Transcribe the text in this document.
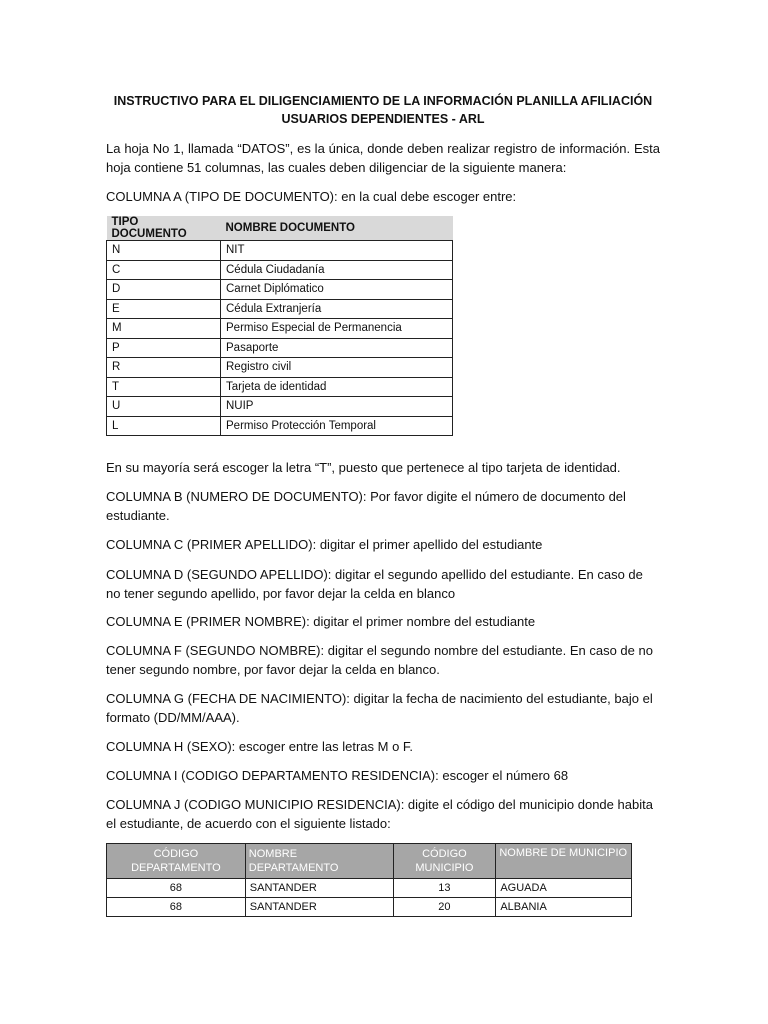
INSTRUCTIVO PARA EL DILIGENCIAMIENTO DE LA INFORMACIÓN PLANILLA AFILIACIÓN
USUARIOS DEPENDIENTES - ARL
La hoja No 1, llamada “DATOS”, es la única, donde deben realizar registro de información. Esta hoja contiene 51 columnas, las cuales deben diligenciar de la siguiente manera:
COLUMNA A (TIPO DE DOCUMENTO): en la cual debe escoger entre:
TIPO DOCUMENTO	NOMBRE DOCUMENTO
N	NIT
C	Cédula Ciudadanía
D	Carnet Diplómatico
E	Cédula Extranjería
M	Permiso Especial de Permanencia
P	Pasaporte
R	Registro civil
T	Tarjeta de identidad
U	NUIP
L	Permiso Protección Temporal
En su mayoría será escoger la letra “T”, puesto que pertenece al tipo tarjeta de identidad.
COLUMNA B (NUMERO DE DOCUMENTO): Por favor digite el número de documento del estudiante.
COLUMNA C (PRIMER APELLIDO): digitar el primer apellido del estudiante
COLUMNA D (SEGUNDO APELLIDO): digitar el segundo apellido del estudiante. En caso de no tener segundo apellido, por favor dejar la celda en blanco
COLUMNA E (PRIMER NOMBRE): digitar el primer nombre del estudiante
COLUMNA F (SEGUNDO NOMBRE): digitar el segundo nombre del estudiante. En caso de no tener segundo nombre, por favor dejar la celda en blanco.
COLUMNA G (FECHA DE NACIMIENTO): digitar la fecha de nacimiento del estudiante, bajo el formato (DD/MM/AAA).
COLUMNA H (SEXO): escoger entre las letras M o F.
COLUMNA I (CODIGO DEPARTAMENTO RESIDENCIA): escoger el número 68
COLUMNA J (CODIGO MUNICIPIO RESIDENCIA): digite el código del municipio donde habita el estudiante, de acuerdo con el siguiente listado:
CÓDIGO DEPARTAMENTO	NOMBRE DEPARTAMENTO	CÓDIGO MUNICIPIO	NOMBRE DE MUNICIPIO
68	SANTANDER	13	AGUADA
68	SANTANDER	20	ALBANIA
